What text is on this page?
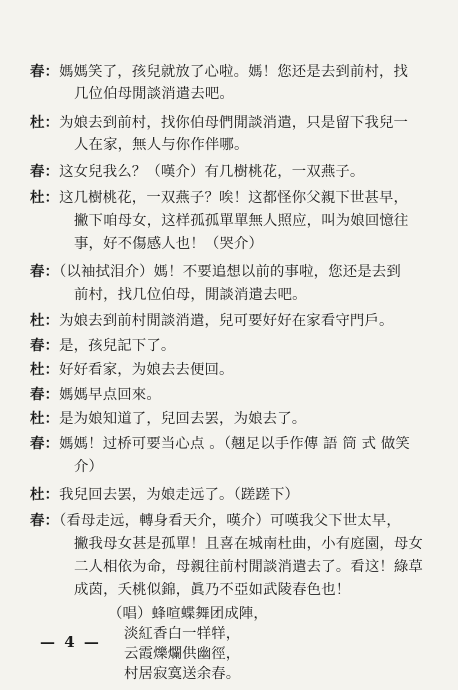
春：媽媽笑了，孩兒就放了心啦。媽！您还是去到前村，找
几位伯母閒談消遣去吧。
杜：为娘去到前村，找你伯母們閒談消遣，只是留下我兒一
人在家，無人与你作伴哪。
春：这女兒我么？（嘆介）有几樹桃花，一双燕子。
杜：这几樹桃花，一双燕子？唉！这都怪你父親下世甚早，
撇下咱母女，这样孤孤單單無人照应，叫为娘回憶往
事，好不傷感人也！（哭介）
春：（以袖拭泪介）媽！不要追想以前的事啦，您还是去到
前村，找几位伯母，閒談消遣去吧。
杜：为娘去到前村閒談消遣，兒可要好好在家看守門戶。
春：是，孩兒記下了。
杜：好好看家，为娘去去便回。
春：媽媽早点回來。
杜：是为娘知道了，兒回去罢，为娘去了。
春：媽媽！过桥可要当心点 。（翹足以手作傳 語 筒 式 做笑
介）
杜：我兒回去罢，为娘走远了。（蹉蹉下）
春：（看母走远，轉身看天介，嘆介）可嘆我父下世太早，
撇我母女甚是孤單！且喜在城南杜曲，小有庭園，母女
二人相依为命，母親往前村閒談消遣去了。看这！綠草
成茵，夭桃似錦，眞乃不亞如武陵春色也！
（唱）蜂喧蝶舞团成陣，
淡紅香白一䍧䍧，
云霞爍爛供幽徑，
村居寂寞送余春。
— 4 —
